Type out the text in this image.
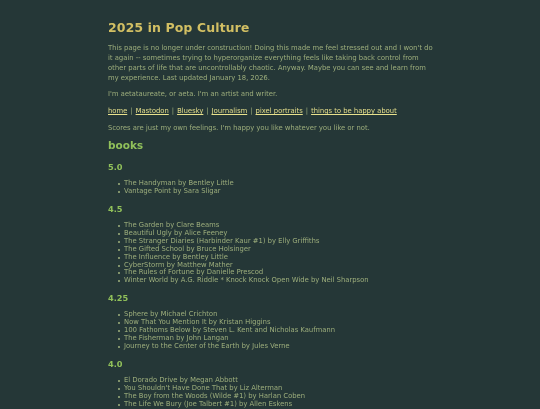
2025 in Pop Culture

This page is no longer under construction! Doing this made me feel stressed out and I won't do it again -- sometimes trying to hyperorganize everything feels like taking back control from other parts of life that are uncontrollably chaotic. Anyway. Maybe you can see and learn from my experience. Last updated January 18, 2026.

I'm aetataureate, or aeta. I'm an artist and writer.

home | Mastodon | Bluesky | Journalism | pixel portraits | things to be happy about

Scores are just my own feelings. I'm happy you like whatever you like or not.

books
5.0
The Handyman by Bentley Little
Vantage Point by Sara Sligar
4.5
The Garden by Clare Beams
Beautiful Ugly by Alice Feeney
The Stranger Diaries (Harbinder Kaur #1) by Elly Griffiths
The Gifted School by Bruce Holsinger
The Influence by Bentley Little
CyberStorm by Matthew Mather
The Rules of Fortune by Danielle Prescod
Winter World by A.G. Riddle * Knock Knock Open Wide by Neil Sharpson
4.25
Sphere by Michael Crichton
Now That You Mention It by Kristan Higgins
100 Fathoms Below by Steven L. Kent and Nicholas Kaufmann
The Fisherman by John Langan
Journey to the Center of the Earth by Jules Verne
4.0
El Dorado Drive by Megan Abbott
You Shouldn't Have Done That by Liz Alterman
The Boy from the Woods (Wilde #1) by Harlan Coben
The Life We Bury (Joe Talbert #1) by Allen Eskens
